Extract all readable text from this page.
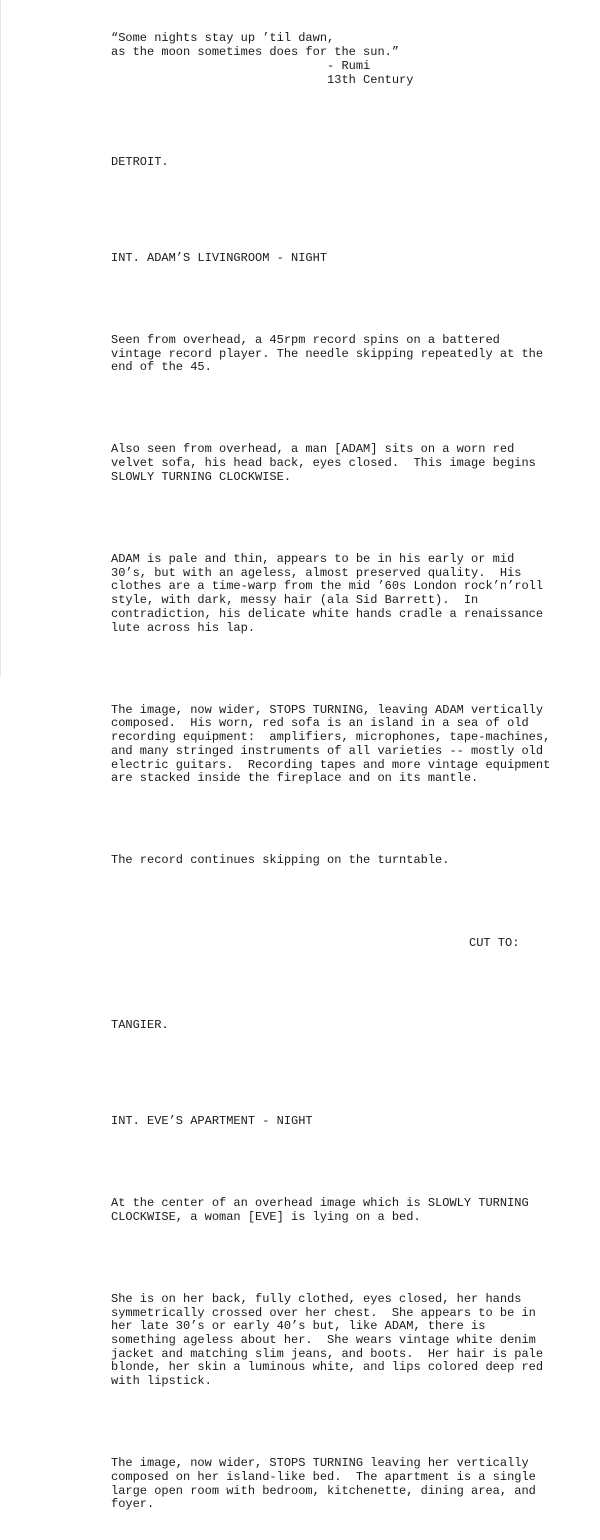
“Some nights stay up ’til dawn,
as the moon sometimes does for the sun.”
- Rumi
13th Century

DETROIT.

INT. ADAM’S LIVINGROOM - NIGHT

Seen from overhead, a 45rpm record spins on a battered
vintage record player. The needle skipping repeatedly at the
end of the 45.

Also seen from overhead, a man [ADAM] sits on a worn red
velvet sofa, his head back, eyes closed.  This image begins
SLOWLY TURNING CLOCKWISE.

ADAM is pale and thin, appears to be in his early or mid
30’s, but with an ageless, almost preserved quality.  His
clothes are a time-warp from the mid ’60s London rock’n’roll
style, with dark, messy hair (ala Sid Barrett).  In
contradiction, his delicate white hands cradle a renaissance
lute across his lap.

The image, now wider, STOPS TURNING, leaving ADAM vertically
composed.  His worn, red sofa is an island in a sea of old
recording equipment:  amplifiers, microphones, tape-machines,
and many stringed instruments of all varieties -- mostly old
electric guitars.  Recording tapes and more vintage equipment
are stacked inside the fireplace and on its mantle.

The record continues skipping on the turntable.

CUT TO:

TANGIER.

INT. EVE’S APARTMENT - NIGHT

At the center of an overhead image which is SLOWLY TURNING
CLOCKWISE, a woman [EVE] is lying on a bed.

She is on her back, fully clothed, eyes closed, her hands
symmetrically crossed over her chest.  She appears to be in
her late 30’s or early 40’s but, like ADAM, there is
something ageless about her.  She wears vintage white denim
jacket and matching slim jeans, and boots.  Her hair is pale
blonde, her skin a luminous white, and lips colored deep red
with lipstick.

The image, now wider, STOPS TURNING leaving her vertically
composed on her island-like bed.  The apartment is a single
large open room with bedroom, kitchenette, dining area, and
foyer.
